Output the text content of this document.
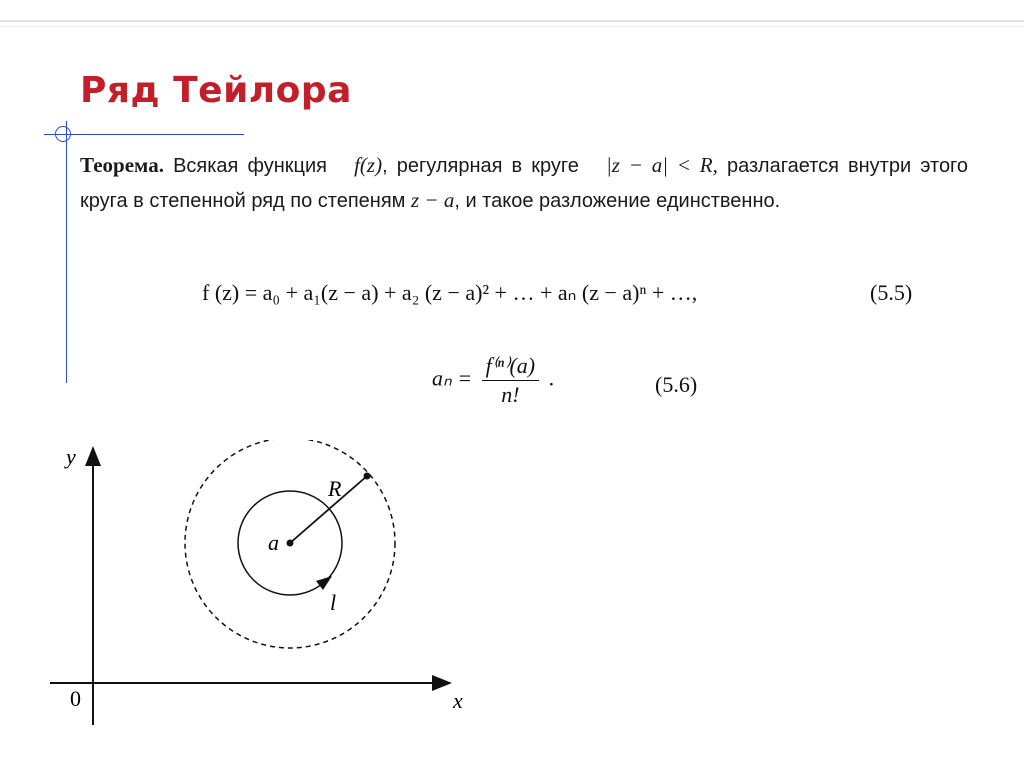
Ряд Тейлора

Теорема. Всякая функция f(z), регулярная в круге |z − a| < R, разлагается внутри этого круга в степенной ряд по степеням z − a, и такое разложение единственно.

f (z) = a₀ + a₁(z − a) + a₂ (z − a)² + … + aₙ (z − a)ⁿ + …,	(5.5)
$a_n = \frac{\text{f⁽ⁿ⁾(a)}}{n!}$ .	(5.6)
y
x
0
a
R
l
